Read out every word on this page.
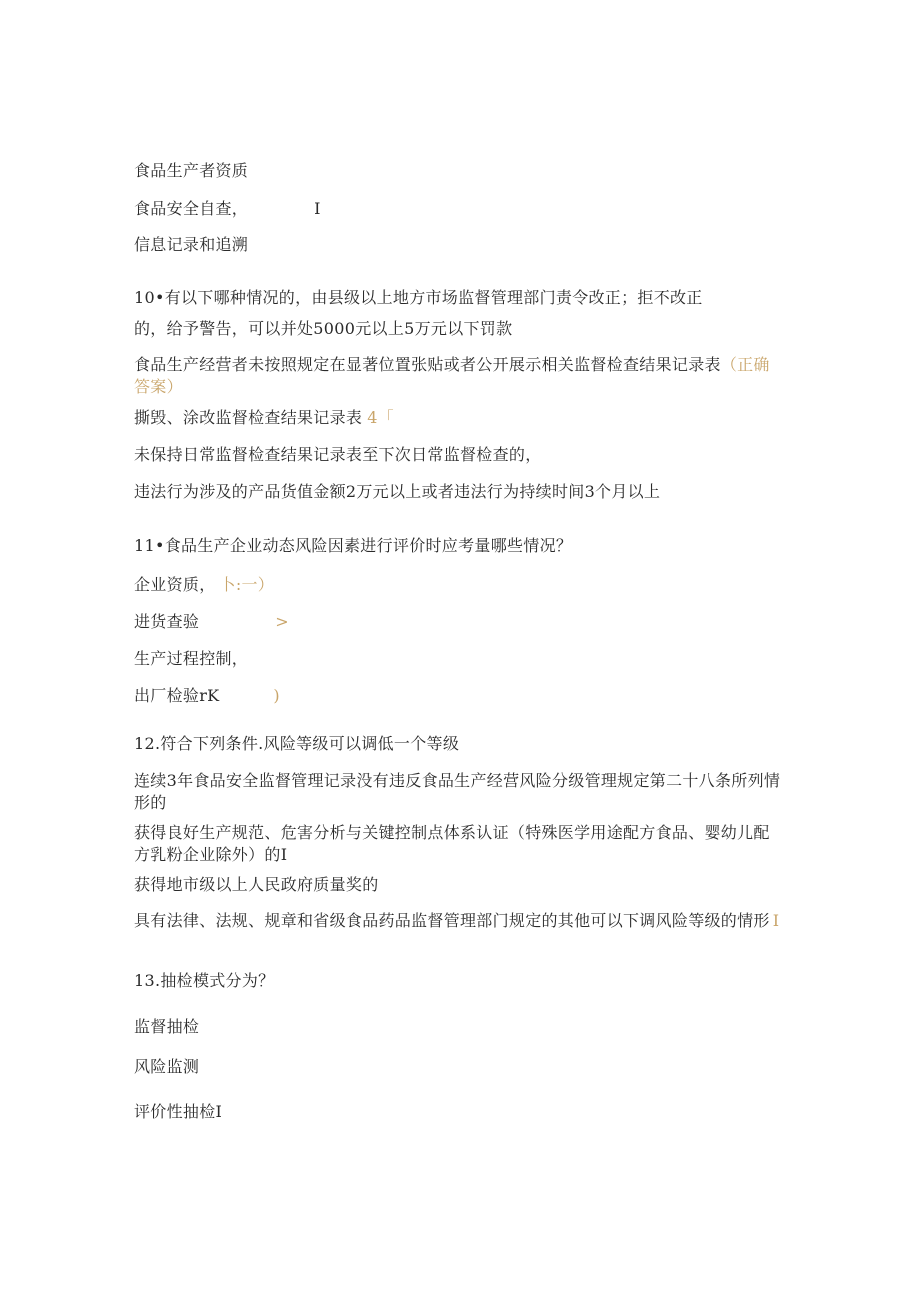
食品生产者资质
食品安全自查，	I
信息记录和追溯
10•有以下哪种情况的，由县级以上地方市场监督管理部门责令改正；拒不改正
的，给予警告，可以并处5000元以上5万元以下罚款
食品生产经营者未按照规定在显著位置张贴或者公开展示相关监督检查结果记录表（正确答案）
撕毁、涂改监督检查结果记录表 4「
未保持日常监督检查结果记录表至下次日常监督检查的，
违法行为涉及的产品货值金额2万元以上或者违法行为持续时间3个月以上
11•食品生产企业动态风险因素进行评价时应考量哪些情况？
企业资质， 卜:一）
进货查验	>
生产过程控制，
出厂检验rK	)
12.符合下列条件.风险等级可以调低一个等级
连续3年食品安全监督管理记录没有违反食品生产经营风险分级管理规定第二十八条所列情形的
获得良好生产规范、危害分析与关键控制点体系认证（特殊医学用途配方食品、婴幼儿配方乳粉企业除外）的I
获得地市级以上人民政府质量奖的
具有法律、法规、规章和省级食品药品监督管理部门规定的其他可以下调风险等级的情形 I
13.抽检模式分为？
监督抽检
风险监测
评价性抽检I
